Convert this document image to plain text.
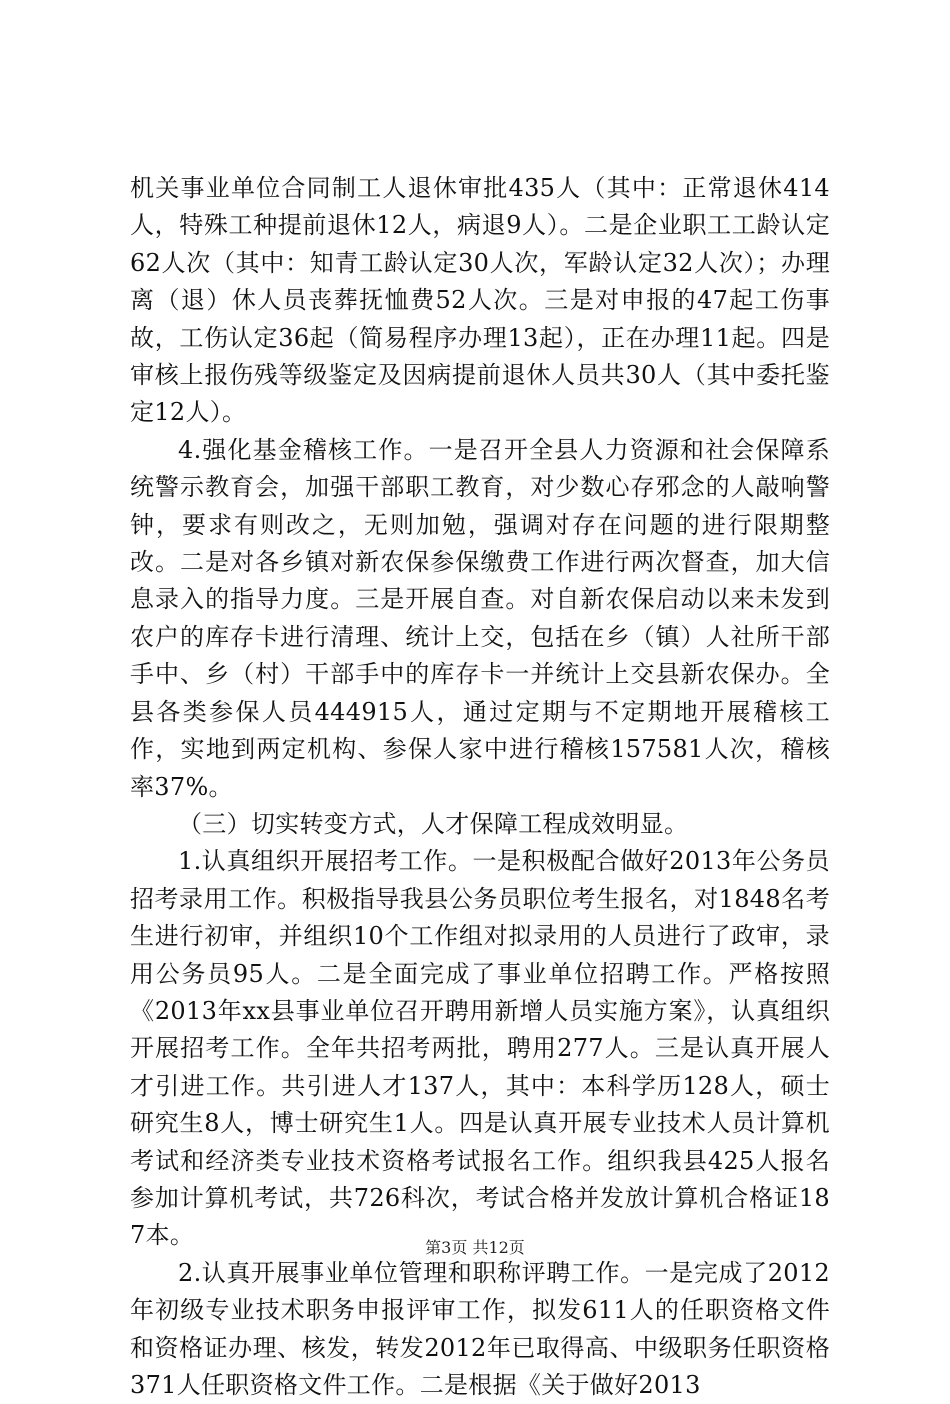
机关事业单位合同制工人退休审批435人（其中：正常退休414人，特殊工种提前退休12人，病退9人）。二是企业职工工龄认定62人次（其中：知青工龄认定30人次，军龄认定32人次）；办理离（退）休人员丧葬抚恤费52人次。三是对申报的47起工伤事故，工伤认定36起（简易程序办理13起），正在办理11起。四是审核上报伤残等级鉴定及因病提前退休人员共30人（其中委托鉴定12人）。

4.强化基金稽核工作。一是召开全县人力资源和社会保障系统警示教育会，加强干部职工教育，对少数心存邪念的人敲响警钟，要求有则改之，无则加勉，强调对存在问题的进行限期整改。二是对各乡镇对新农保参保缴费工作进行两次督查，加大信息录入的指导力度。三是开展自查。对自新农保启动以来未发到农户的库存卡进行清理、统计上交，包括在乡（镇）人社所干部手中、乡（村）干部手中的库存卡一并统计上交县新农保办。全县各类参保人员444915人，通过定期与不定期地开展稽核工作，实地到两定机构、参保人家中进行稽核157581人次，稽核率37%。

（三）切实转变方式，人才保障工程成效明显。

1.认真组织开展招考工作。一是积极配合做好2013年公务员招考录用工作。积极指导我县公务员职位考生报名，对1848名考生进行初审，并组织10个工作组对拟录用的人员进行了政审，录用公务员95人。二是全面完成了事业单位招聘工作。严格按照《2013年xx县事业单位召开聘用新增人员实施方案》，认真组织开展招考工作。全年共招考两批，聘用277人。三是认真开展人才引进工作。共引进人才137人，其中：本科学历128人，硕士研究生8人，博士研究生1人。四是认真开展专业技术人员计算机考试和经济类专业技术资格考试报名工作。组织我县425人报名参加计算机考试，共726科次，考试合格并发放计算机合格证187本。

2.认真开展事业单位管理和职称评聘工作。一是完成了2012年初级专业技术职务申报评审工作，拟发611人的任职资格文件和资格证办理、核发，转发2012年已取得高、中级职务任职资格371人任职资格文件工作。二是根据《关于做好2013

第3页 共12页
